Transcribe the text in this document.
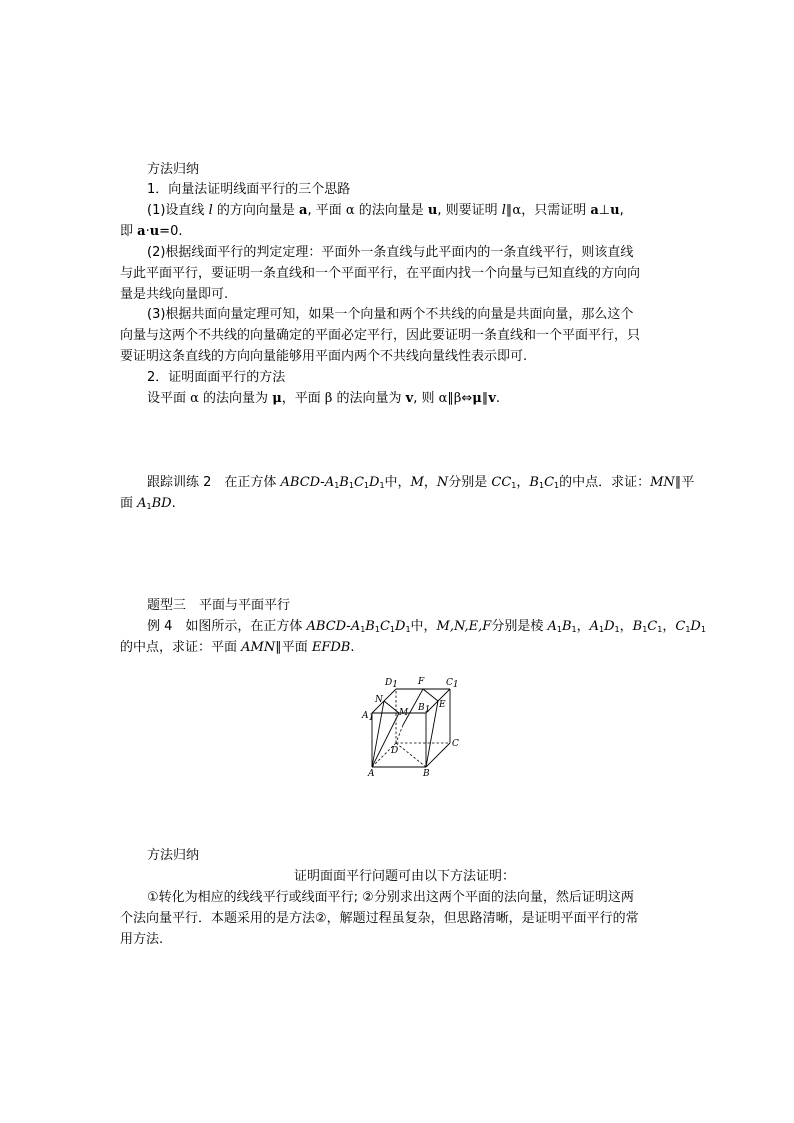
方法归纳
1．向量法证明线面平行的三个思路
(1)设直线 l 的方向向量是 a, 平面 α 的法向量是 u, 则要证明 l∥α，只需证明 a⊥u,
即 a·u=0.
(2)根据线面平行的判定定理：平面外一条直线与此平面内的一条直线平行，则该直线
与此平面平行，要证明一条直线和一个平面平行，在平面内找一个向量与已知直线的方向向
量是共线向量即可.
(3)根据共面向量定理可知，如果一个向量和两个不共线的向量是共面向量，那么这个
向量与这两个不共线的向量确定的平面必定平行，因此要证明一条直线和一个平面平行，只
要证明这条直线的方向向量能够用平面内两个不共线向量线性表示即可.
2．证明面面平行的方法
设平面 α 的法向量为 μ，平面 β 的法向量为 v, 则 α∥β⇔μ∥v.
跟踪训练 2　在正方体 ABCD-$A_1B_1C_1D_1$中，M，N分别是 $CC_1$，$B_1C_1$的中点．求证：MN∥平
面 $A_1BD$.
题型三　平面与平面平行
例 4　如图所示，在正方体 ABCD-$A_1B_1C_1D_1$中，M,N,E,F分别是棱 $A_1B_1$，$A_1D_1$，$B_1C_1$，$C_1D_1$
的中点，求证：平面 AMN∥平面 EFDB.
D1 F C1
N
B1
A1	M
E
D
C
A	B
方法归纳
证明面面平行问题可由以下方法证明：
①转化为相应的线线平行或线面平行; ②分别求出这两个平面的法向量，然后证明这两
个法向量平行．本题采用的是方法②，解题过程虽复杂，但思路清晰，是证明平面平行的常
用方法.
